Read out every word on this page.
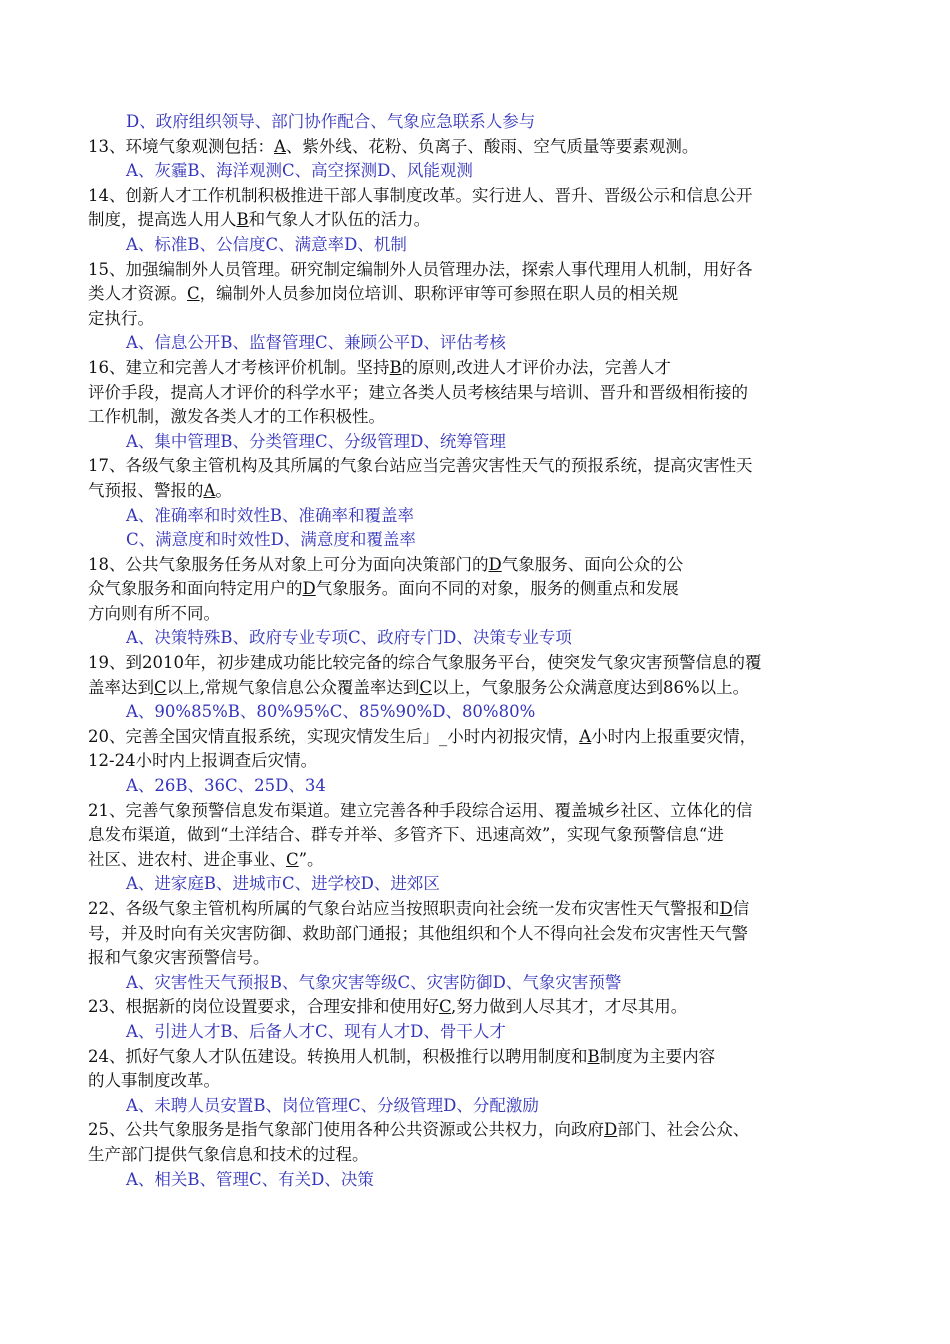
D、政府组织领导、部门协作配合、气象应急联系人参与
13、环境气象观测包括：A、紫外线、花粉、负离子、酸雨、空气质量等要素观测。
A、灰霾B、海洋观测C、高空探测D、风能观测
14、创新人才工作机制积极推进干部人事制度改革。实行进人、晋升、晋级公示和信息公开
制度，提高选人用人B和气象人才队伍的活力。
A、标准B、公信度C、满意率D、机制
15、加强编制外人员管理。研究制定编制外人员管理办法，探索人事代理用人机制，用好各
类人才资源。C，编制外人员参加岗位培训、职称评审等可参照在职人员的相关规
定执行。
A、信息公开B、监督管理C、兼顾公平D、评估考核
16、建立和完善人才考核评价机制。坚持B的原则,改进人才评价办法，完善人才
评价手段，提高人才评价的科学水平；建立各类人员考核结果与培训、晋升和晋级相衔接的
工作机制，激发各类人才的工作积极性。
A、集中管理B、分类管理C、分级管理D、统筹管理
17、各级气象主管机构及其所属的气象台站应当完善灾害性天气的预报系统，提高灾害性天
气预报、警报的A。
A、准确率和时效性B、准确率和覆盖率
C、满意度和时效性D、满意度和覆盖率
18、公共气象服务任务从对象上可分为面向决策部门的D气象服务、面向公众的公
众气象服务和面向特定用户的D气象服务。面向不同的对象，服务的侧重点和发展
方向则有所不同。
A、决策特殊B、政府专业专项C、政府专门D、决策专业专项
19、到2010年，初步建成功能比较完备的综合气象服务平台，使突发气象灾害预警信息的覆
盖率达到C以上,常规气象信息公众覆盖率达到C以上，气象服务公众满意度达到86%以上。
A、90%85%B、80%95%C、85%90%D、80%80%
20、完善全国灾情直报系统，实现灾情发生后」_小时内初报灾情，A小时内上报重要灾情，
12-24小时内上报调查后灾情。
A、26B、36C、25D、34
21、完善气象预警信息发布渠道。建立完善各种手段综合运用、覆盖城乡社区、立体化的信
息发布渠道，做到“土洋结合、群专并举、多管齐下、迅速高效”，实现气象预警信息“进
社区、进农村、进企事业、C”。
A、进家庭B、进城市C、进学校D、进郊区
22、各级气象主管机构所属的气象台站应当按照职责向社会统一发布灾害性天气警报和D信
号，并及时向有关灾害防御、救助部门通报；其他组织和个人不得向社会发布灾害性天气警
报和气象灾害预警信号。
A、灾害性天气预报B、气象灾害等级C、灾害防御D、气象灾害预警
23、根据新的岗位设置要求，合理安排和使用好C,努力做到人尽其才，才尽其用。
A、引进人才B、后备人才C、现有人才D、骨干人才
24、抓好气象人才队伍建设。转换用人机制，积极推行以聘用制度和B制度为主要内容
的人事制度改革。
A、未聘人员安置B、岗位管理C、分级管理D、分配激励
25、公共气象服务是指气象部门使用各种公共资源或公共权力，向政府D部门、社会公众、
生产部门提供气象信息和技术的过程。
A、相关B、管理C、有关D、决策
